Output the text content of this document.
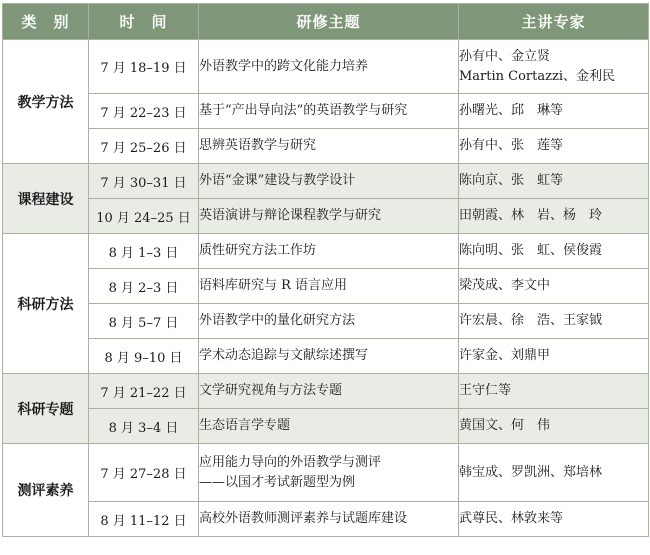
类　别	时　间	研修主题	主讲专家
教学方法	7 月 18–19 日	外语教学中的跨文化能力培养	孙有中、金立贤
Martin Cortazzi、金利民

	7 月 22–23 日	基于“产出导向法”的英语教学与研究	孙曙光、邱　琳等

	7 月 25–26 日	思辨英语教学与研究	孙有中、张　莲等

课程建设	7 月 30–31 日	外语“金课”建设与教学设计	陈向京、张　虹等

	10 月 24–25 日	英语演讲与辩论课程教学与研究	田朝霞、林　岩、杨　玲

科研方法	8 月 1–3 日	质性研究方法工作坊	陈向明、张　虹、侯俊霞

	8 月 2–3 日	语料库研究与 R 语言应用	梁茂成、李文中

	8 月 5–7 日	外语教学中的量化研究方法	许宏晨、徐　浩、王家钺

	8 月 9–10 日	学术动态追踪与文献综述撰写	许家金、刘鼎甲

科研专题	7 月 21–22 日	文学研究视角与方法专题	王守仁等

	8 月 3–4 日	生态语言学专题	黄国文、何　伟

测评素养	7 月 27–28 日	应用能力导向的外语教学与测评
——以国才考试新题型为例	韩宝成、罗凯洲、郑培林

	8 月 11–12 日	高校外语教师测评素养与试题库建设	武尊民、林敦来等
